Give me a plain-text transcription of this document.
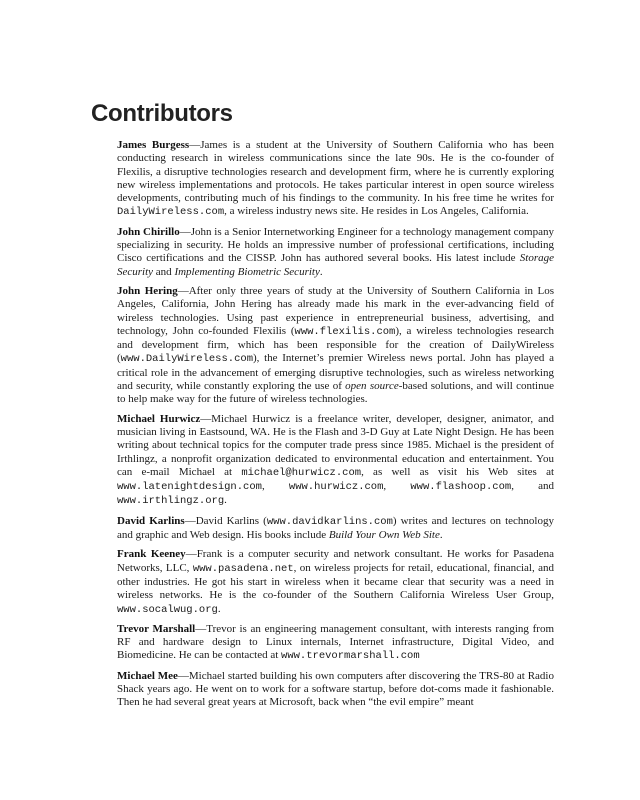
Contributors

James Burgess—James is a student at the University of Southern California who has been conducting research in wireless communications since the late 90s. He is the co-founder of Flexilis, a disruptive technologies research and development firm, where he is currently exploring new wireless implementations and protocols. He takes particular interest in open source wireless developments, contributing much of his findings to the community. In his free time he writes for DailyWireless.com, a wireless industry news site. He resides in Los Angeles, California.

John Chirillo—John is a Senior Internetworking Engineer for a technology management company specializing in security. He holds an impressive number of professional certifications, including Cisco certifications and the CISSP. John has authored several books. His latest include Storage Security and Implementing Biometric Security.

John Hering—After only three years of study at the University of Southern California in Los Angeles, California, John Hering has already made his mark in the ever-advancing field of wireless technologies. Using past experience in entrepreneurial business, advertising, and technology, John co-founded Flexilis (www.flexilis.com), a wireless technologies research and development firm, which has been responsible for the creation of DailyWireless (www.DailyWireless.com), the Internet’s premier Wireless news portal. John has played a critical role in the advancement of emerging disruptive technologies, such as wireless networking and security, while constantly exploring the use of open source-based solutions, and will continue to help make way for the future of wireless technologies.

Michael Hurwicz—Michael Hurwicz is a freelance writer, developer, designer, animator, and musician living in Eastsound, WA. He is the Flash and 3-D Guy at Late Night Design. He has been writing about technical topics for the computer trade press since 1985. Michael is the president of Irthlingz, a nonprofit organization dedicated to environmental education and entertainment. You can e-mail Michael at michael@hurwicz.com, as well as visit his Web sites at www.latenightdesign.com, www.hurwicz.com, www.flashoop.com, and www.irthlingz.org.

David Karlins—David Karlins (www.davidkarlins.com) writes and lectures on technology and graphic and Web design. His books include Build Your Own Web Site.

Frank Keeney—Frank is a computer security and network consultant. He works for Pasadena Networks, LLC, www.pasadena.net, on wireless projects for retail, educational, financial, and other industries. He got his start in wireless when it became clear that security was a need in wireless networks. He is the co-founder of the Southern California Wireless User Group, www.socalwug.org.

Trevor Marshall—Trevor is an engineering management consultant, with interests ranging from RF and hardware design to Linux internals, Internet infrastructure, Digital Video, and Biomedicine. He can be contacted at www.trevormarshall.com

Michael Mee—Michael started building his own computers after discovering the TRS-80 at Radio Shack years ago. He went on to work for a software startup, before dot-coms made it fashionable. Then he had several great years at Microsoft, back when “the evil empire” meant
